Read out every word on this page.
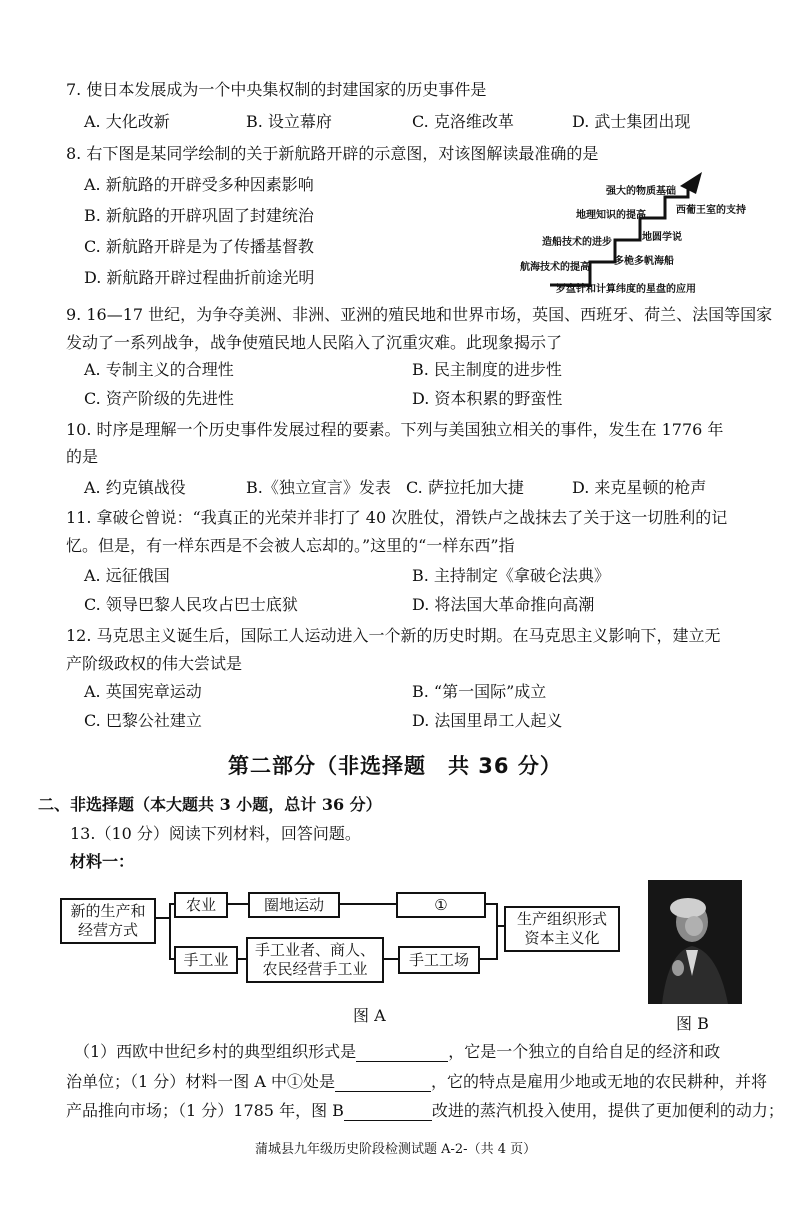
7. 使日本发展成为一个中央集权制的封建国家的历史事件是
A. 大化改新	B. 设立幕府	C. 克洛维改革	D. 武士集团出现
8. 右下图是某同学绘制的关于新航路开辟的示意图，对该图解读最准确的是
A. 新航路的开辟受多种因素影响
B. 新航路的开辟巩固了封建统治
C. 新航路开辟是为了传播基督教
D. 新航路开辟过程曲折前途光明
强大的物质基础
地理知识的提高	西葡王室的支持
造船技术的进步	地圆学说
航海技术的提高
多桅多帆海船
罗盘针和计算纬度的星盘的应用
9. 16—17 世纪，为争夺美洲、非洲、亚洲的殖民地和世界市场，英国、西班牙、荷兰、法国等国家
发动了一系列战争，战争使殖民地人民陷入了沉重灾难。此现象揭示了
A. 专制主义的合理性	B. 民主制度的进步性
C. 资产阶级的先进性	D. 资本积累的野蛮性
10. 时序是理解一个历史事件发展过程的要素。下列与美国独立相关的事件，发生在 1776 年
的是
A. 约克镇战役	B.《独立宣言》发表 C. 萨拉托加大捷	D. 来克星顿的枪声
11. 拿破仑曾说：“我真正的光荣并非打了 40 次胜仗，滑铁卢之战抹去了关于这一切胜利的记
忆。但是，有一样东西是不会被人忘却的。”这里的“一样东西”指
A. 远征俄国	B. 主持制定《拿破仑法典》
C. 领导巴黎人民攻占巴士底狱	D. 将法国大革命推向高潮
12. 马克思主义诞生后，国际工人运动进入一个新的历史时期。在马克思主义影响下，建立无
产阶级政权的伟大尝试是
A. 英国宪章运动	B. “第一国际”成立
C. 巴黎公社建立	D. 法国里昂工人起义
第二部分（非选择题　共 36 分）
二、非选择题（本大题共 3 小题，总计 36 分）
13.（10 分）阅读下列材料，回答问题。
材料一：
新的生产和
经营方式
农业	圈地运动	①
手工业
手工业者、商人、
农民经营手工业
手工工场
生产组织形式
资本主义化
图 A	图 B
（1）西欧中世纪乡村的典型组织形式是	，它是一个独立的自给自足的经济和政
治单位；（1 分）材料一图 A 中①处是	，它的特点是雇用少地或无地的农民耕种，并将
产品推向市场；（1 分）1785 年，图 B	改进的蒸汽机投入使用，提供了更加便利的动力；
蒲城县九年级历史阶段检测试题 A-2-（共 4 页）
